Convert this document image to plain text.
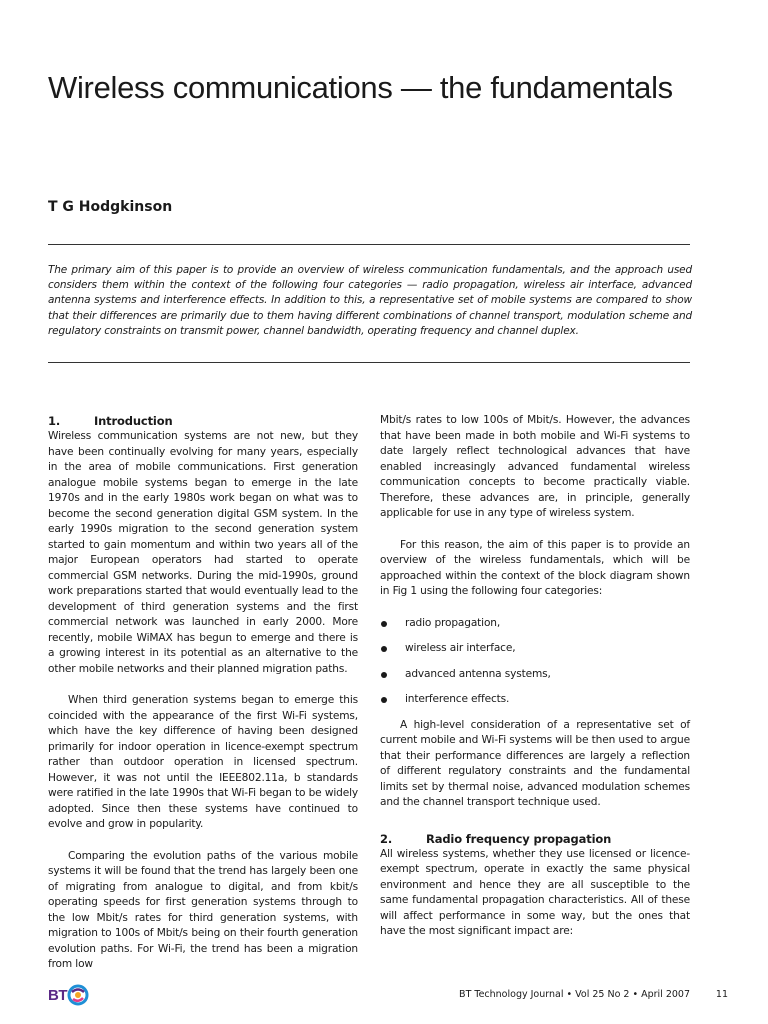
Wireless communications — the fundamentals
T G Hodgkinson

The primary aim of this paper is to provide an overview of wireless communication fundamentals, and the approach used considers them within the context of the following four categories — radio propagation, wireless air interface, advanced antenna systems and interference effects. In addition to this, a representative set of mobile systems are compared to show that their differences are primarily due to them having different combinations of channel transport, modulation scheme and regulatory constraints on transmit power, channel bandwidth, operating frequency and channel duplex.

1.	Introduction

Wireless communication systems are not new, but they have been continually evolving for many years, especially in the area of mobile communications. First generation analogue mobile systems began to emerge in the late 1970s and in the early 1980s work began on what was to become the second generation digital GSM system. In the early 1990s migration to the second generation system started to gain momentum and within two years all of the major European operators had started to operate commercial GSM networks. During the mid-1990s, ground work preparations started that would eventually lead to the development of third generation systems and the first commercial network was launched in early 2000. More recently, mobile WiMAX has begun to emerge and there is a growing interest in its potential as an alternative to the other mobile networks and their planned migration paths.

When third generation systems began to emerge this coincided with the appearance of the first Wi-Fi systems, which have the key difference of having been designed primarily for indoor operation in licence-exempt spectrum rather than outdoor operation in licensed spectrum. However, it was not until the IEEE802.11a, b standards were ratified in the late 1990s that Wi-Fi began to be widely adopted. Since then these systems have continued to evolve and grow in popularity.

Comparing the evolution paths of the various mobile systems it will be found that the trend has largely been one of migrating from analogue to digital, and from kbit/s operating speeds for first generation systems through to the low Mbit/s rates for third generation systems, with migration to 100s of Mbit/s being on their fourth generation evolution paths. For Wi-Fi, the trend has been a migration from low

Mbit/s rates to low 100s of Mbit/s. However, the advances that have been made in both mobile and Wi-Fi systems to date largely reflect technological advances that have enabled increasingly advanced fundamental wireless communication concepts to become practically viable. Therefore, these advances are, in principle, generally applicable for use in any type of wireless system.

For this reason, the aim of this paper is to provide an overview of the wireless fundamentals, which will be approached within the context of the block diagram shown in Fig 1 using the following four categories:

radio propagation,
wireless air interface,
advanced antenna systems,
interference effects.

A high-level consideration of a representative set of current mobile and Wi-Fi systems will be then used to argue that their performance differences are largely a reflection of different regulatory constraints and the fundamental limits set by thermal noise, advanced modulation schemes and the channel transport technique used.

2.	Radio frequency propagation

All wireless systems, whether they use licensed or licence-exempt spectrum, operate in exactly the same physical environment and hence they are all susceptible to the same fundamental propagation characteristics. All of these will affect performance in some way, but the ones that have the most significant impact are:

BT	BT Technology Journal • Vol 25 No 2 • April 2007	11
